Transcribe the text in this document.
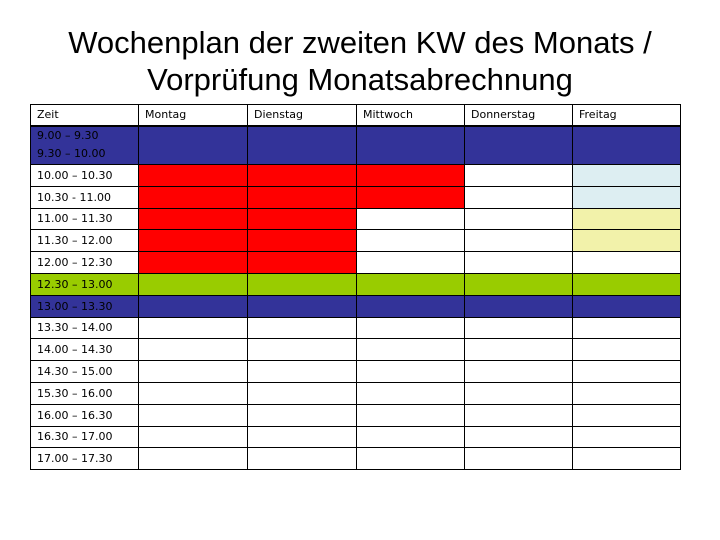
Wochenplan der zweiten KW des Monats /
Vorprüfung Monatsabrechnung
Zeit	Montag	Dienstag	Mittwoch	Donnerstag	Freitag

9.00 – 9.30
9.30 – 10.00					

10.00 – 10.30					
10.30 - 11.00					
11.00 – 11.30					
11.30 – 12.00					
12.00 – 12.30					
12.30 – 13.00					
13.00 – 13.30					
13.30 – 14.00					
14.00 – 14.30					
14.30 – 15.00					
15.30 – 16.00					
16.00 – 16.30					
16.30 – 17.00					
17.00 – 17.30					
